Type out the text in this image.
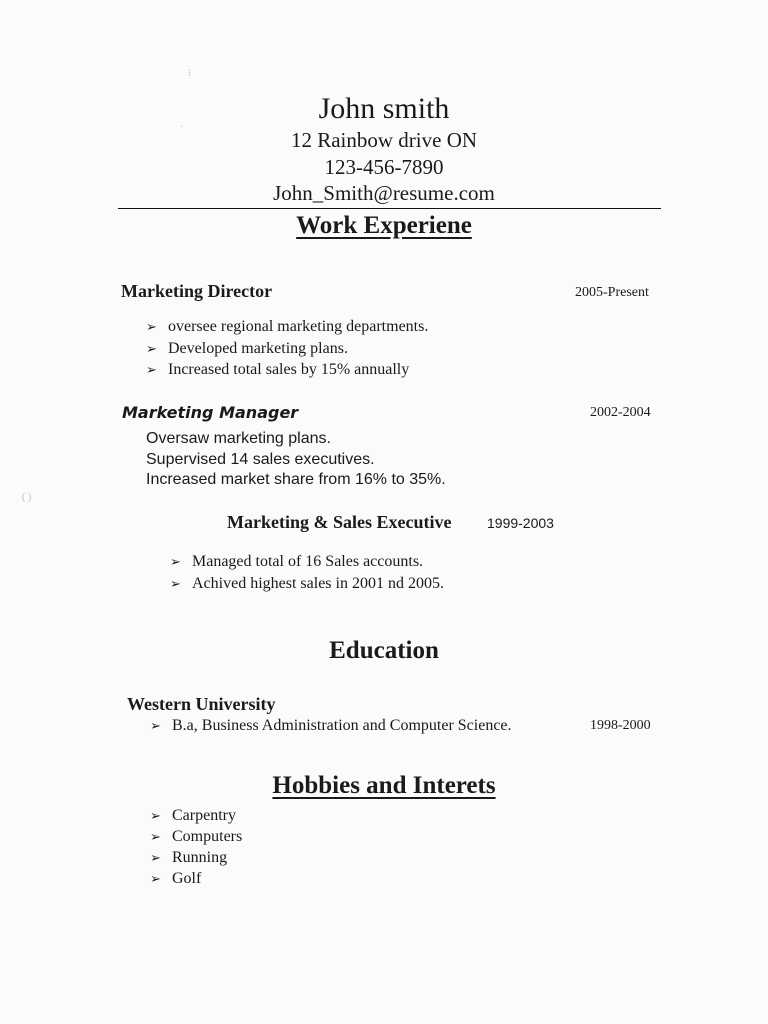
John smith
12 Rainbow drive ON
123-456-7890
John_Smith@resume.com
Work Experiene
Marketing Director	2005-Present
➢ oversee regional marketing departments.
➢ Developed marketing plans.
➢ Increased total sales by 15% annually
Marketing Manager	2002-2004
Oversaw marketing plans.
Supervised 14 sales executives.
Increased market share from 16% to 35%.
Marketing & Sales Executive	1999-2003
➢ Managed total of 16 Sales accounts.
➢ Achived highest sales in 2001 nd 2005.
Education
Western University
➢ B.a, Business Administration and Computer Science.	1998-2000
Hobbies and Interets
➢ Carpentry
➢ Computers
➢ Running
➢ Golf
⁝
·
( )
